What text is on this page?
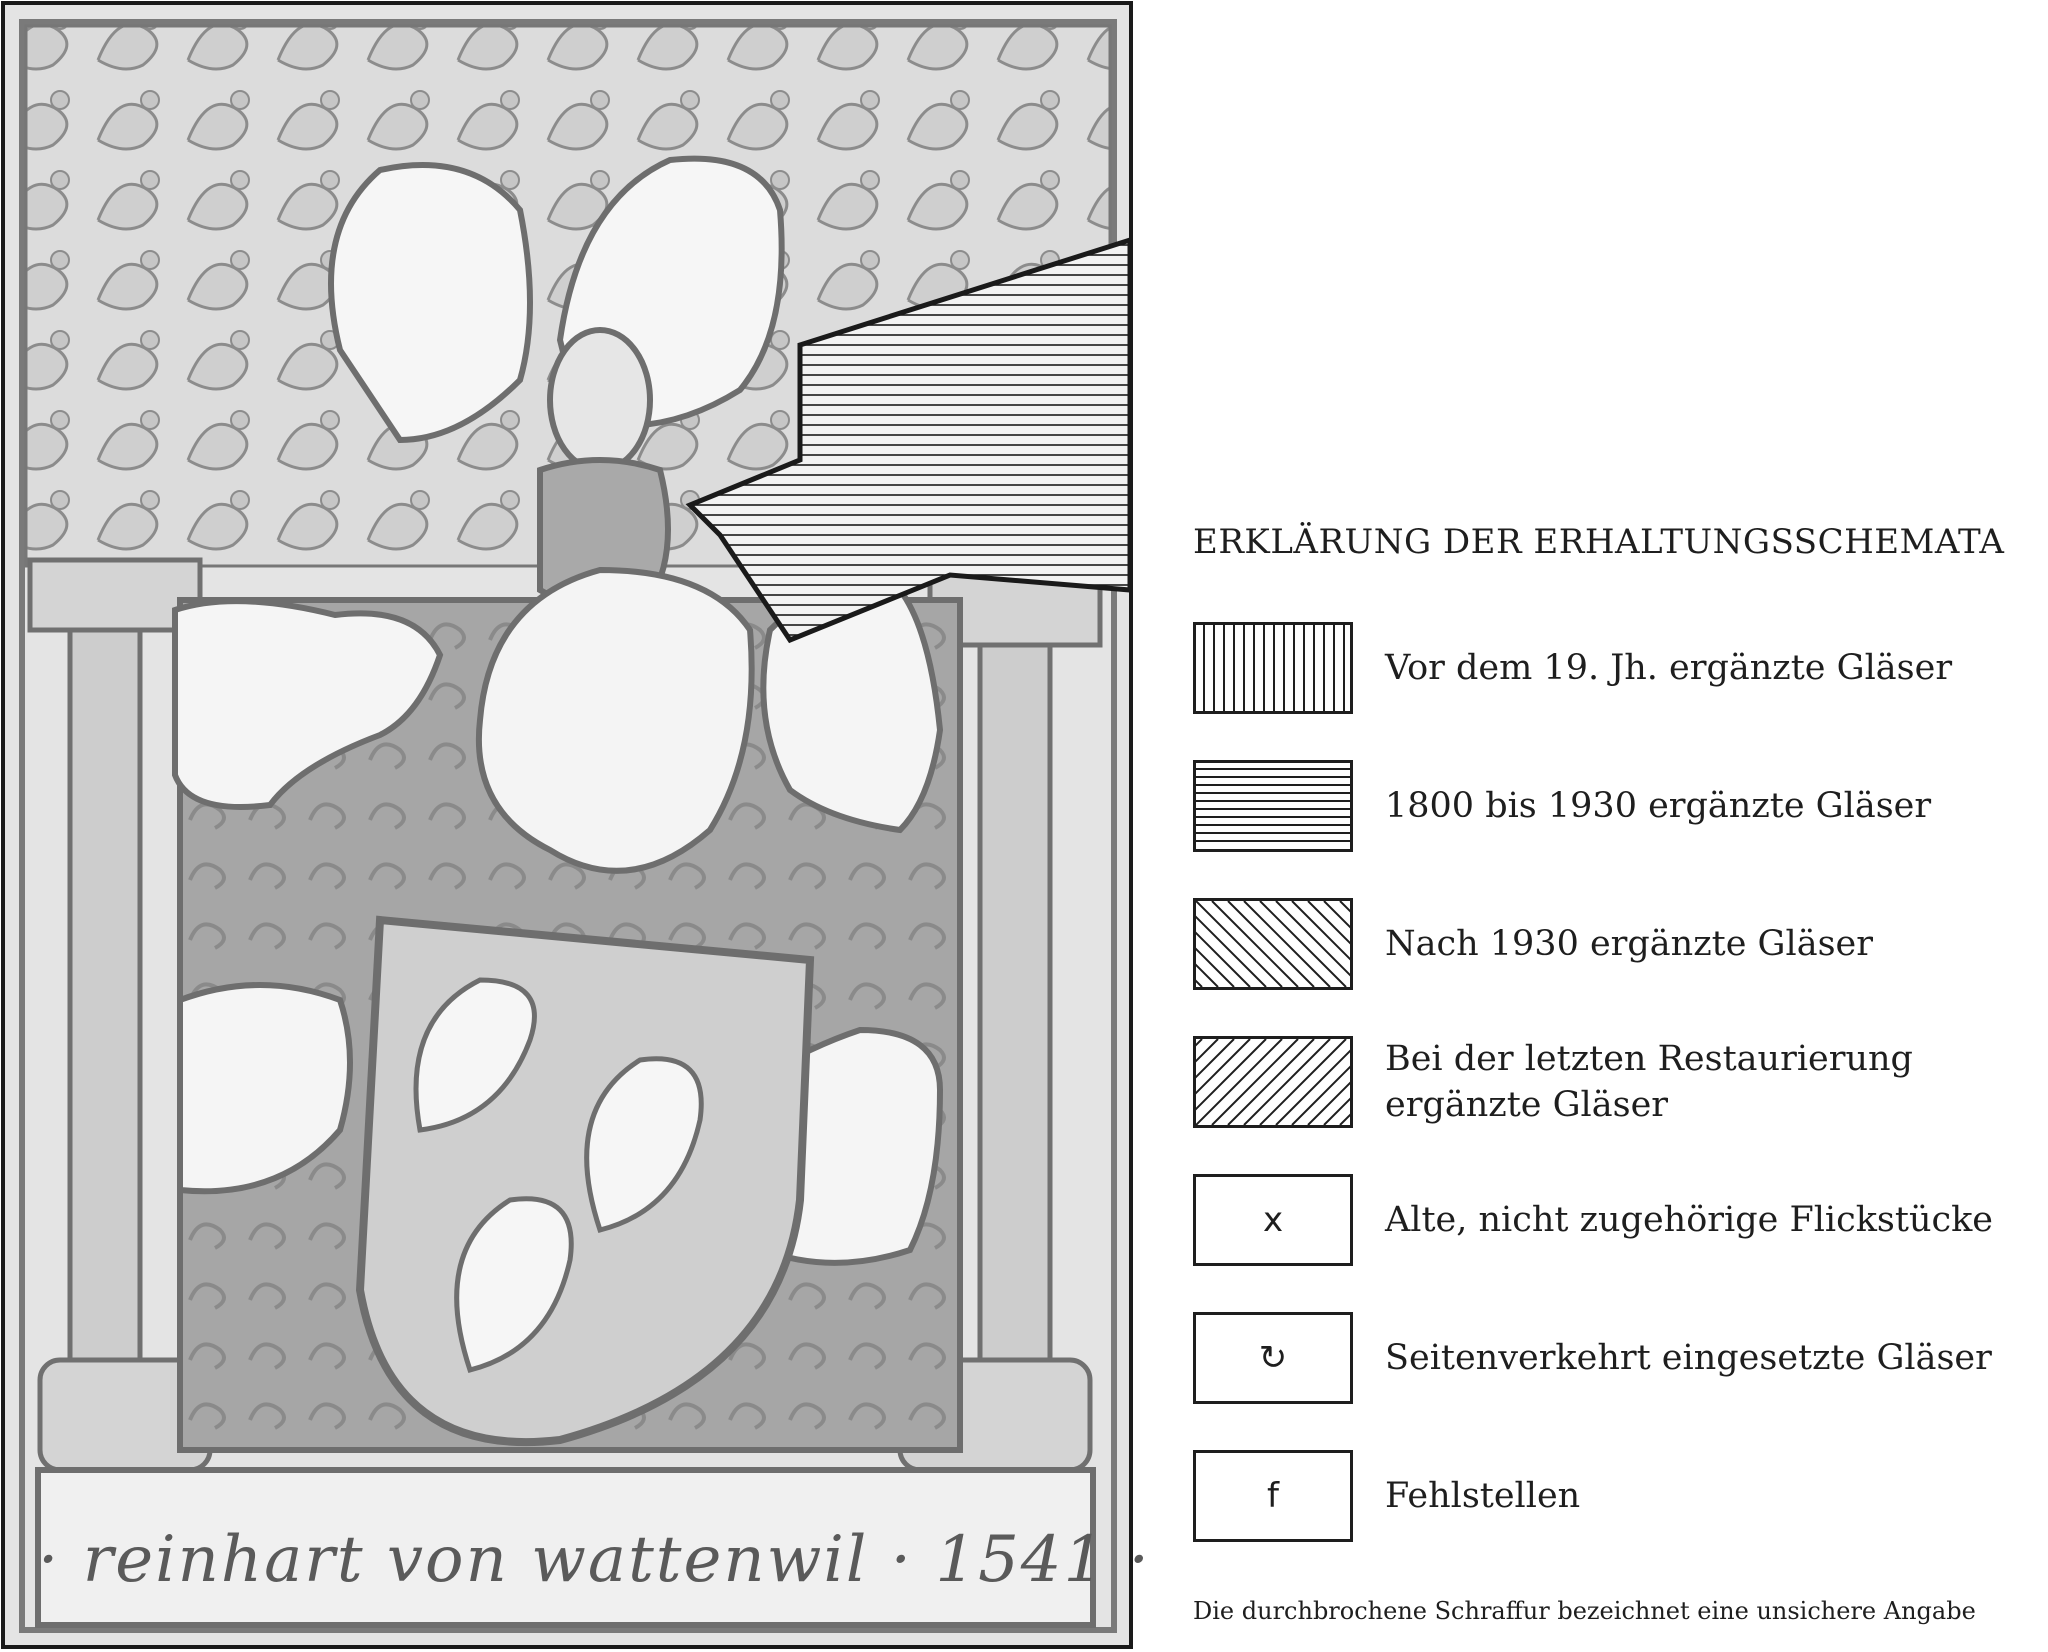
· reinhart von wattenwil · 1541 ·
ERKLÄRUNG DER ERHALTUNGSSCHEMATA
Vor dem 19. Jh. ergänzte Gläser
1800 bis 1930 ergänzte Gläser
Nach 1930 ergänzte Gläser
Bei der letzten Restaurierung ergänzte Gläser
x	Alte, nicht zugehörige Flickstücke
↻	Seitenverkehrt eingesetzte Gläser
f	Fehlstellen
Die durchbrochene Schraffur bezeichnet eine unsichere Angabe
